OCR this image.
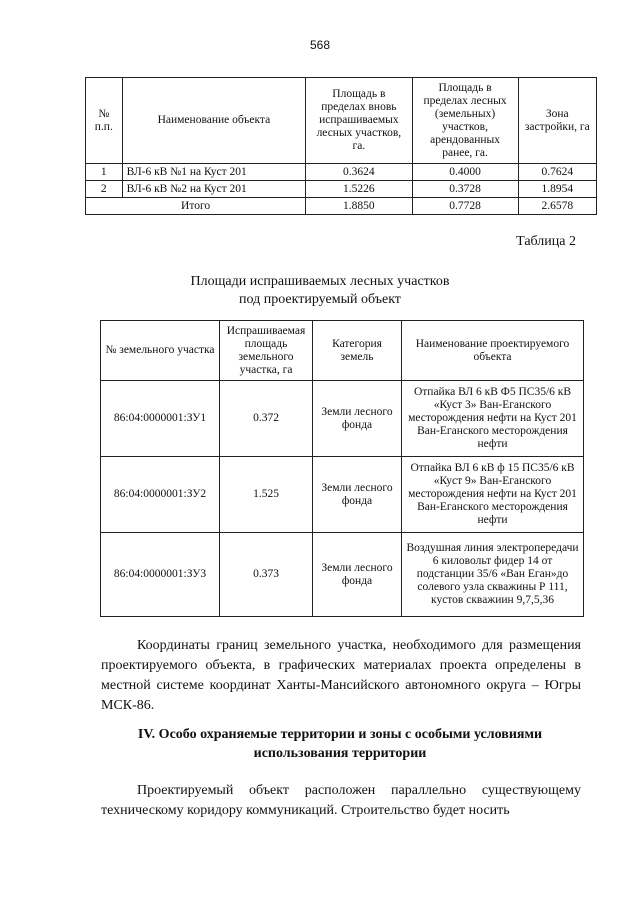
568
№ п.п.	Наименование объекта	Площадь в пределах вновь испрашиваемых лесных участков, га.	Площадь в пределах лесных (земельных) участков, арендованных ранее, га.	Зона застройки, га
1	ВЛ-6 кВ №1 на Куст 201	0.3624	0.4000	0.7624
2	ВЛ-6 кВ №2 на Куст 201	1.5226	0.3728	1.8954
Итого		1.8850	0.7728	2.6578
Таблица 2
Площади испрашиваемых лесных участков
под проектируемый объект
№ земельного участка	Испрашиваемая площадь земельного участка, га	Категория земель	Наименование проектируемого объекта
86:04:0000001:ЗУ1	0.372	Земли лесного фонда	Отпайка ВЛ 6 кВ Ф5 ПС35/6 кВ «Куст 3» Ван-Еганского месторождения нефти на Куст 201 Ван-Еганского месторождения нефти
86:04:0000001:ЗУ2	1.525	Земли лесного фонда	Отпайка ВЛ 6 кВ ф 15 ПС35/6 кВ «Куст 9» Ван-Еганского месторождения нефти на Куст 201 Ван-Еганского месторождения нефти
86:04:0000001:ЗУ3	0.373	Земли лесного фонда	Воздушная линия электропередачи 6 киловольт фидер 14 от подстанции 35/6 «Ван Еган»до солевого узла скважины Р 111, кустов скважиин 9,7,5,36
Координаты границ земельного участка, необходимого для размещения проектируемого объекта, в графических материалах проекта определены в местной системе координат Ханты-Мансийского автономного округа – Югры МСК-86.
IV. Особо охраняемые территории и зоны с особыми условиями
использования территории
Проектируемый объект расположен параллельно существующему техническому коридору коммуникаций. Строительство будет носить
